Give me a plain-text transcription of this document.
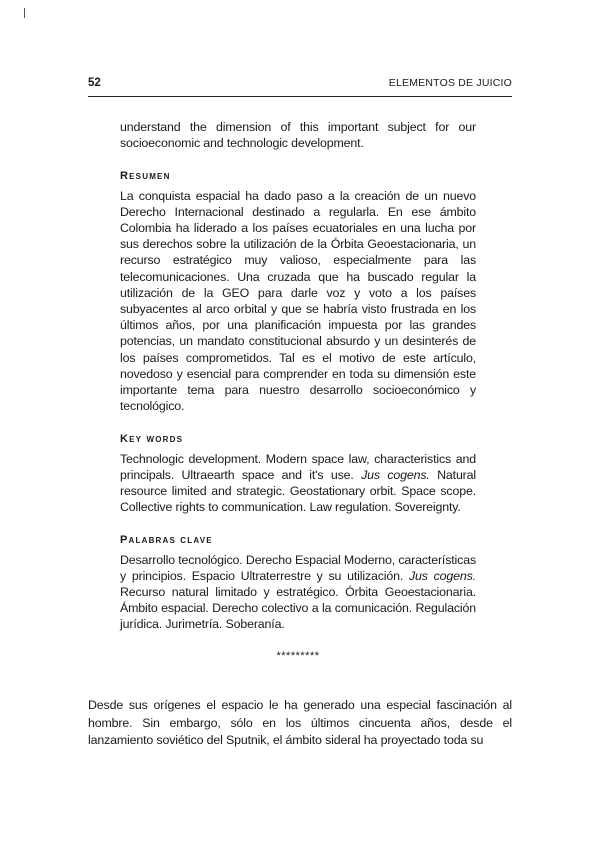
52	ELEMENTOS DE JUICIO

understand the dimension of this important subject for our socioeconomic and technologic development.

Resumen

La conquista espacial ha dado paso a la creación de un nuevo Derecho Internacional destinado a regularla. En ese ámbito Colombia ha liderado a los países ecuatoriales en una lucha por sus derechos sobre la utilización de la Órbita Geoestacionaria, un recurso estratégico muy valioso, especialmente para las telecomunicaciones. Una cruzada que ha buscado regular la utilización de la GEO para darle voz y voto a los países subyacentes al arco orbital y que se habría visto frustrada en los últimos años, por una planificación impuesta por las grandes potencias, un mandato constitucional absurdo y un desinterés de los países comprometidos. Tal es el motivo de este artículo, novedoso y esencial para comprender en toda su dimensión este importante tema para nuestro desarrollo socioeconómico y tecnológico.

Key words

Technologic development. Modern space law, characteristics and principals. Ultraearth space and it's use. Jus cogens. Natural resource limited and strategic. Geostationary orbit. Space scope. Collective rights to communication. Law regulation. Sovereignty.

Palabras clave

Desarrollo tecnológico. Derecho Espacial Moderno, características y principios. Espacio Ultraterrestre y su utilización. Jus cogens. Recurso natural limitado y estratégico. Órbita Geoestacionaria. Ámbito espacial. Derecho colectivo a la comunicación. Regulación jurídica. Jurimetría. Soberanía.

*********

Desde sus orígenes el espacio le ha generado una especial fascinación al hombre. Sin embargo, sólo en los últimos cincuenta años, desde el lanzamiento soviético del Sputnik, el ámbito sideral ha proyectado toda su
